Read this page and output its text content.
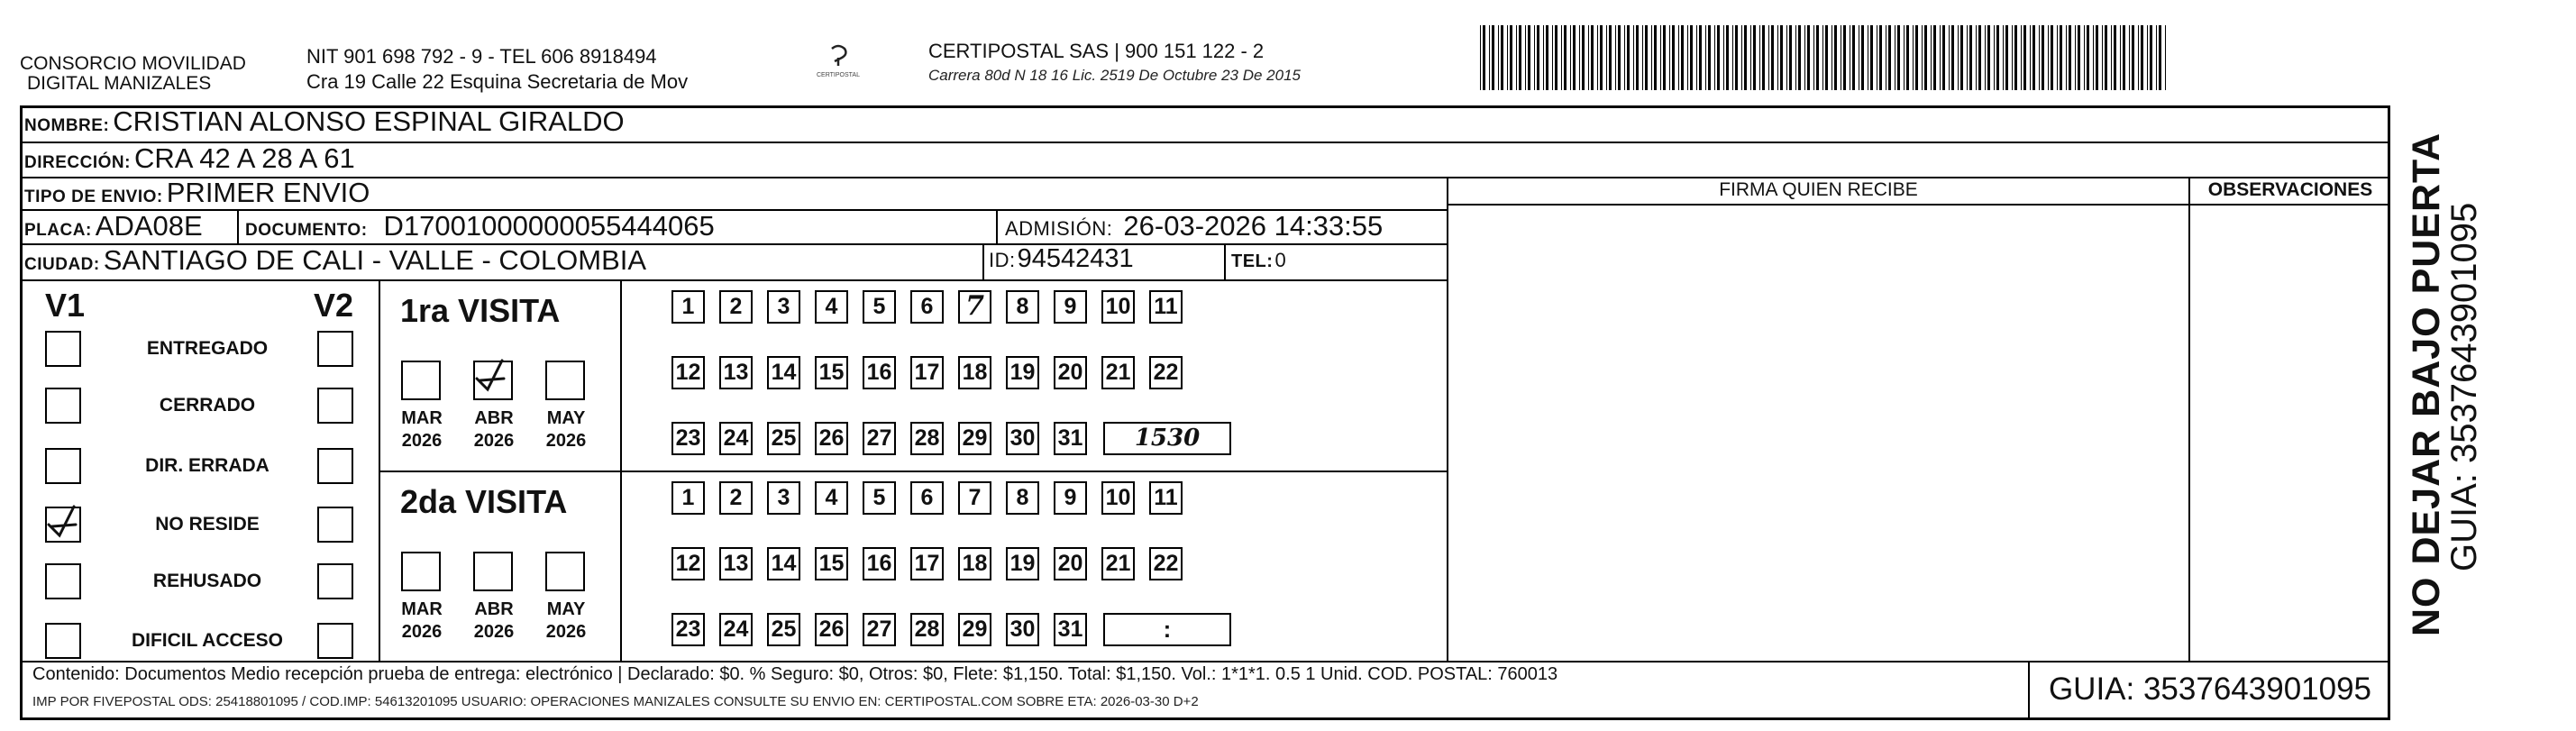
CONSORCIO MOVILIDAD
DIGITAL MANIZALES
NIT 901 698 792 - 9 - TEL 606 8918494
Cra 19 Calle 22 Esquina Secretaria de Mov	CERTIPOSTAL
CERTIPOSTAL SAS | 900 151 122 - 2
Carrera 80d N 18 16 Lic. 2519 De Octubre 23 De 2015
NOMBRE: CRISTIAN ALONSO ESPINAL GIRALDO
DIRECCIÓN: CRA 42 A 28 A 61
TIPO DE ENVIO: PRIMER ENVIO
PLACA: ADA08E DOCUMENTO: D17001000000055444065	ADMISIÓN: 26-03-2026 14:33:55
CIUDAD: SANTIAGO DE CALI - VALLE - COLOMBIA	ID: 94542431	TEL: 0
FIRMA QUIEN RECIBE	OBSERVACIONES
V1	V2
ENTREGADO
CERRADO
DIR. ERRADA
NO RESIDE
REHUSADO
DIFICIL ACCESO
1ra VISITA
MAR
2026
ABR
2026
MAY
2026
1	2	3	4	5	6	7	8	9	10 11
12 13 14 15 16 17 18 19 20 21 22
23 24 25 26 27 28 29 30 31	1530
2da VISITA
MAR
2026
ABR
2026
MAY
2026
1	2	3	4	5	6	7	8	9	10 11
12 13 14 15 16 17 18 19 20 21 22
23 24 25 26 27 28 29 30 31	:
Contenido: Documentos Medio recepción prueba de entrega: electrónico | Declarado: $0. % Seguro: $0, Otros: $0, Flete: $1,150. Total: $1,150. Vol.: 1*1*1. 0.5 1 Unid. COD. POSTAL: 760013
IMP POR FIVEPOSTAL ODS: 25418801095 / COD.IMP: 54613201095 USUARIO: OPERACIONES MANIZALES CONSULTE SU ENVIO EN: CERTIPOSTAL.COM SOBRE ETA: 2026-03-30 D+2	GUIA: 3537643901095
NO DEJAR BAJO PUERTA
GUIA: 3537643901095
